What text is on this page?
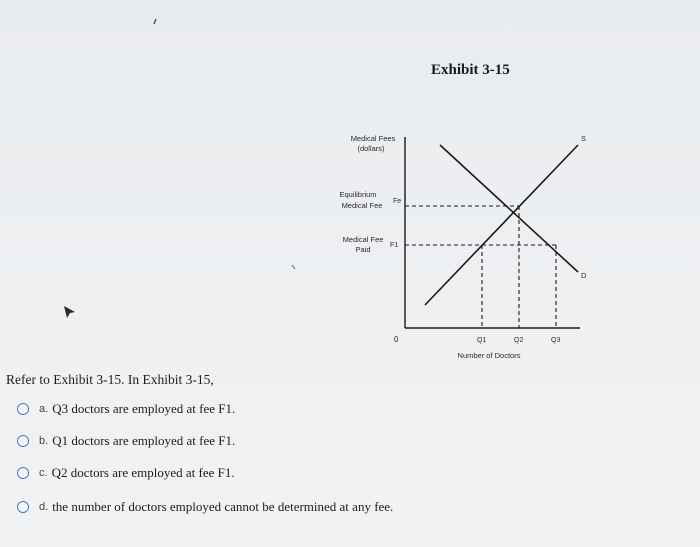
Exhibit 3-15
Medical Fees
(dollars)
Equilibrium
Medical Fee Fe
Medical Fee
Paid	F1
0
S
D
Q1	Q2	Q3
Number of Doctors
Refer to Exhibit 3-15. In Exhibit 3-15,
a. Q3 doctors are employed at fee F1.
b. Q1 doctors are employed at fee F1.
c. Q2 doctors are employed at fee F1.
d. the number of doctors employed cannot be determined at any fee.
